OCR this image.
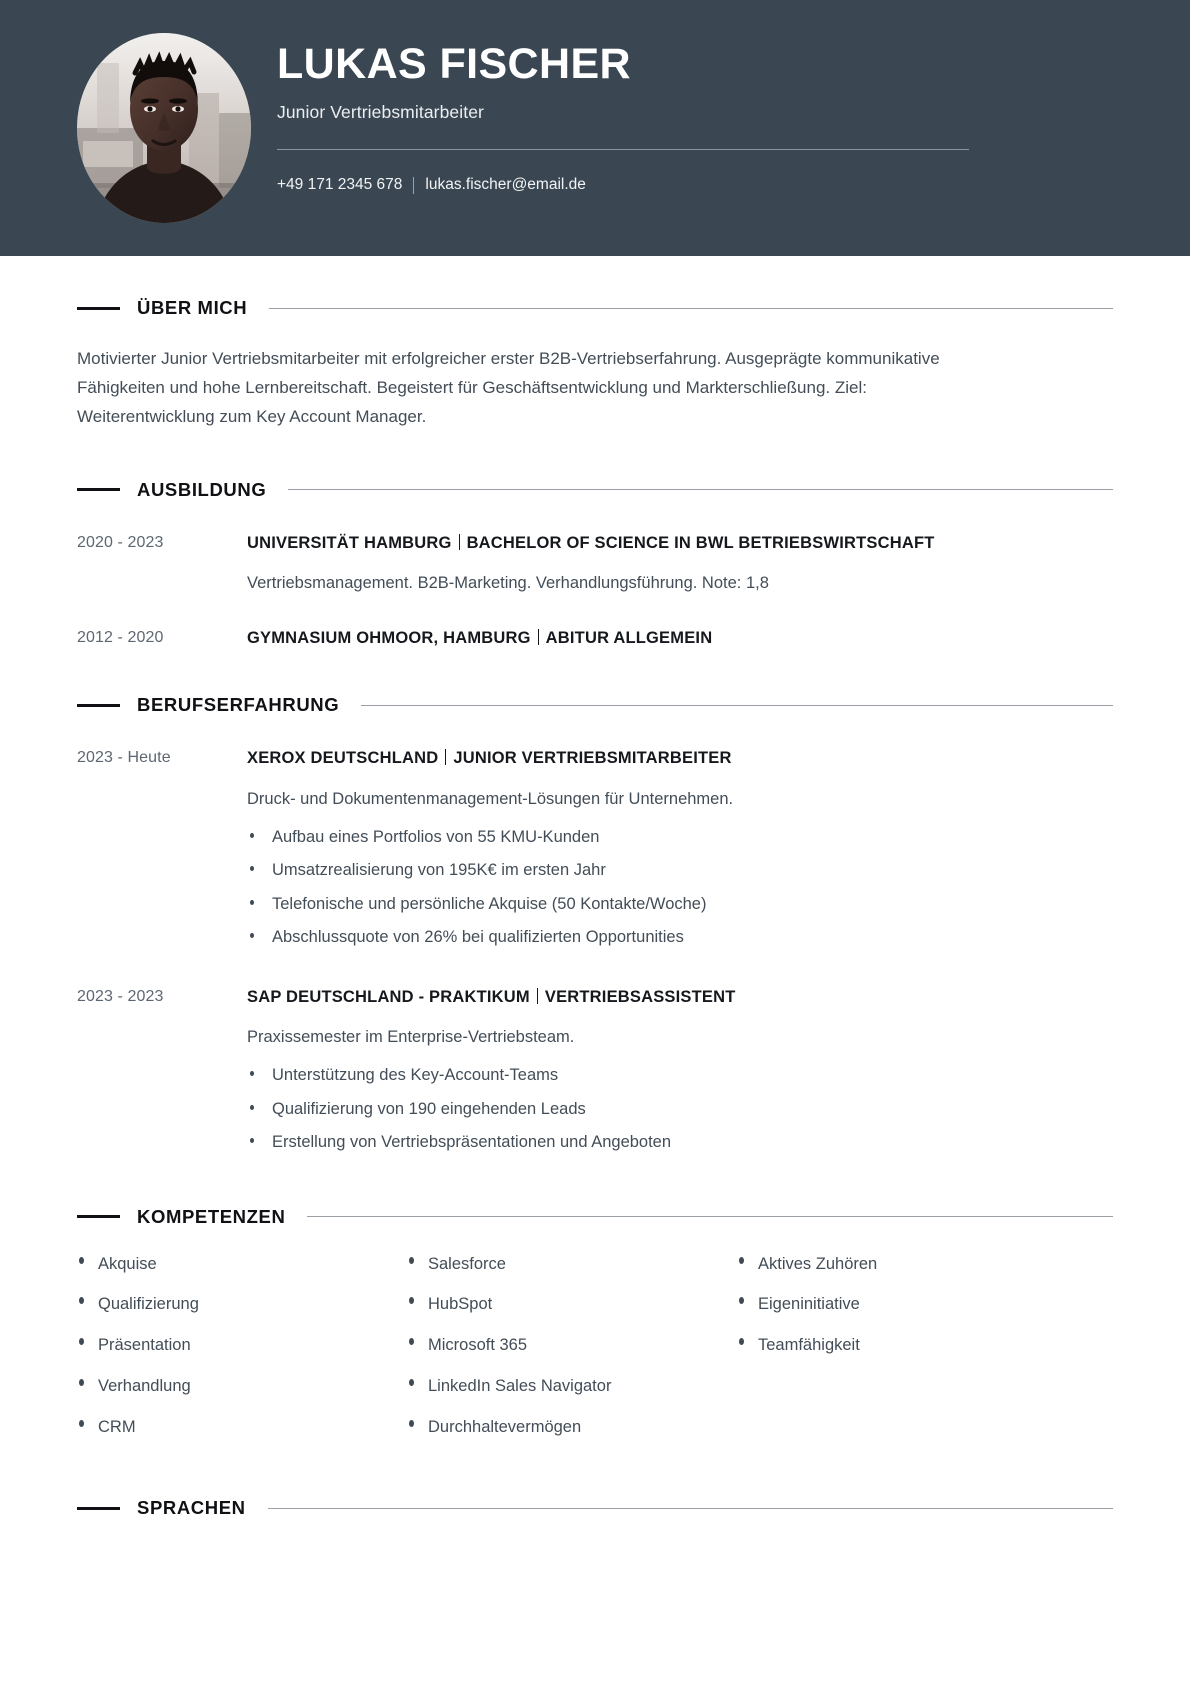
LUKAS FISCHER
Junior Vertriebsmitarbeiter
+49 171 2345 678 lukas.fischer@email.de
ÜBER MICH
Motivierter Junior Vertriebsmitarbeiter mit erfolgreicher erster B2B-Vertriebserfahrung. Ausgeprägte kommunikative Fähigkeiten und hohe Lernbereitschaft. Begeistert für Geschäftsentwicklung und Markterschließung. Ziel: Weiterentwicklung zum Key Account Manager.
AUSBILDUNG
2020 - 2023	UNIVERSITÄT HAMBURG BACHELOR OF SCIENCE IN BWL BETRIEBSWIRTSCHAFT
Vertriebsmanagement. B2B-Marketing. Verhandlungsführung. Note: 1,8
2012 - 2020	GYMNASIUM OHMOOR, HAMBURG ABITUR ALLGEMEIN
BERUFSERFAHRUNG
2023 - Heute	XEROX DEUTSCHLAND JUNIOR VERTRIEBSMITARBEITER
Druck- und Dokumentenmanagement-Lösungen für Unternehmen.
Aufbau eines Portfolios von 55 KMU-Kunden
Umsatzrealisierung von 195K€ im ersten Jahr
Telefonische und persönliche Akquise (50 Kontakte/Woche)
Abschlussquote von 26% bei qualifizierten Opportunities
2023 - 2023	SAP DEUTSCHLAND - PRAKTIKUM VERTRIEBSASSISTENT
Praxissemester im Enterprise-Vertriebsteam.
Unterstützung des Key-Account-Teams
Qualifizierung von 190 eingehenden Leads
Erstellung von Vertriebspräsentationen und Angeboten
KOMPETENZEN
Akquise
Qualifizierung
Präsentation
Verhandlung
CRM
Salesforce
HubSpot
Microsoft 365
LinkedIn Sales Navigator
Durchhaltevermögen
Aktives Zuhören
Eigeninitiative
Teamfähigkeit
SPRACHEN
